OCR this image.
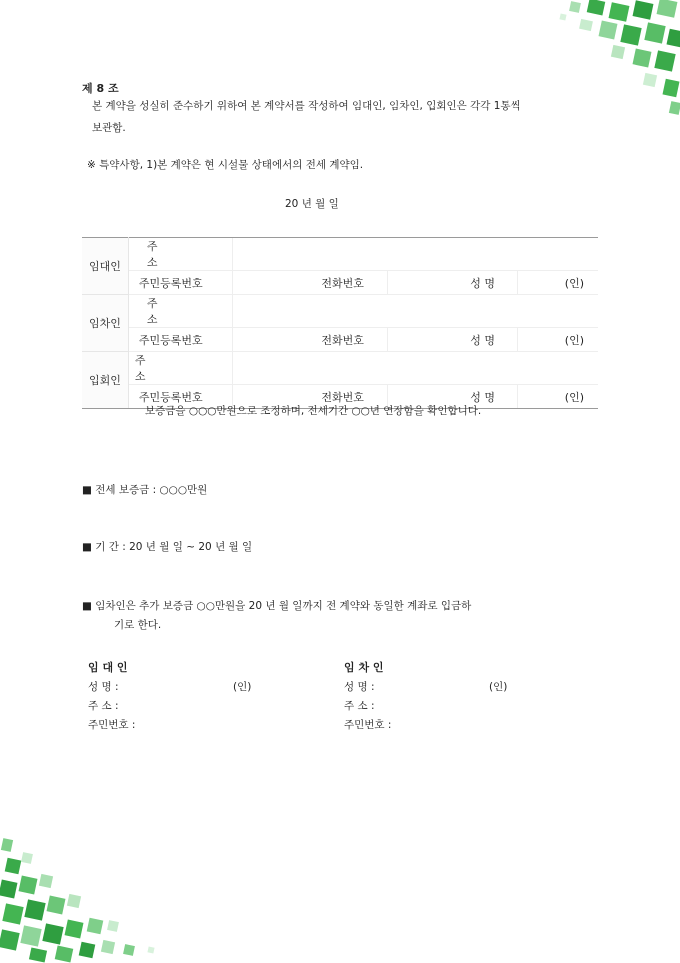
제 8 조
본 계약을 성실히 준수하기 위하여 본 계약서를 작성하여 임대인, 임차인, 입회인은 각각 1통씩
보관함.
※ 특약사항, 1)본 계약은 현 시설물 상태에서의 전세 계약임.
20 년 월 일
임대인	주 소					
	주민등록번호		전화번호		성 명	(인)
임차인	주 소					
	주민등록번호		전화번호		성 명	(인)
입회인	주 소					
	주민등록번호		전화번호		성 명	(인)
보증금을 ○○○만원으로 조정하며, 전세기간 ○○년 연장함을 확인합니다.
■ 전세 보증금 : ○○○만원
■ 기 간 : 20 년 월 일 ~ 20 년 월 일
■ 임차인은 추가 보증금 ○○만원을 20 년 월 일까지 전 계약와 동일한 계좌로 입금하
기로 한다.
임 대 인
성 명 :	(인)
주 소 :
주민번호 :
임 차 인
성 명 :	(인)
주 소 :
주민번호 :
